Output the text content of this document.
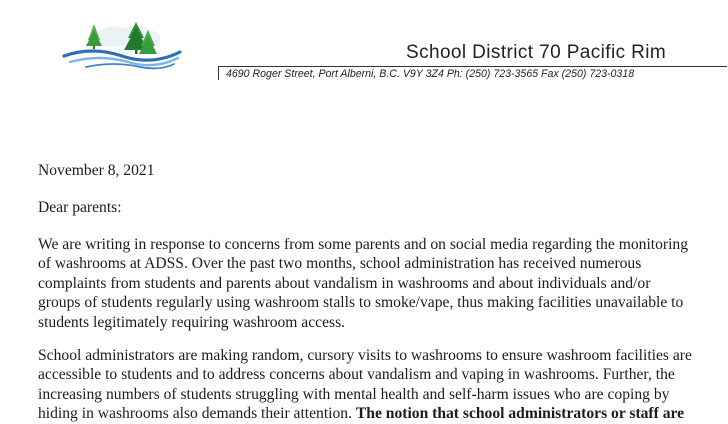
School District 70 Pacific Rim
4690 Roger Street, Port Alberni, B.C. V9Y 3Z4 Ph: (250) 723-3565 Fax (250) 723-0318
November 8, 2021
Dear parents:
We are writing in response to concerns from some parents and on social media regarding the monitoring
of washrooms at ADSS. Over the past two months, school administration has received numerous
complaints from students and parents about vandalism in washrooms and about individuals and/or
groups of students regularly using washroom stalls to smoke/vape, thus making facilities unavailable to
students legitimately requiring washroom access.
School administrators are making random, cursory visits to washrooms to ensure washroom facilities are
accessible to students and to address concerns about vandalism and vaping in washrooms. Further, the
increasing numbers of students struggling with mental health and self-harm issues who are coping by
hiding in washrooms also demands their attention. The notion that school administrators or staff are
